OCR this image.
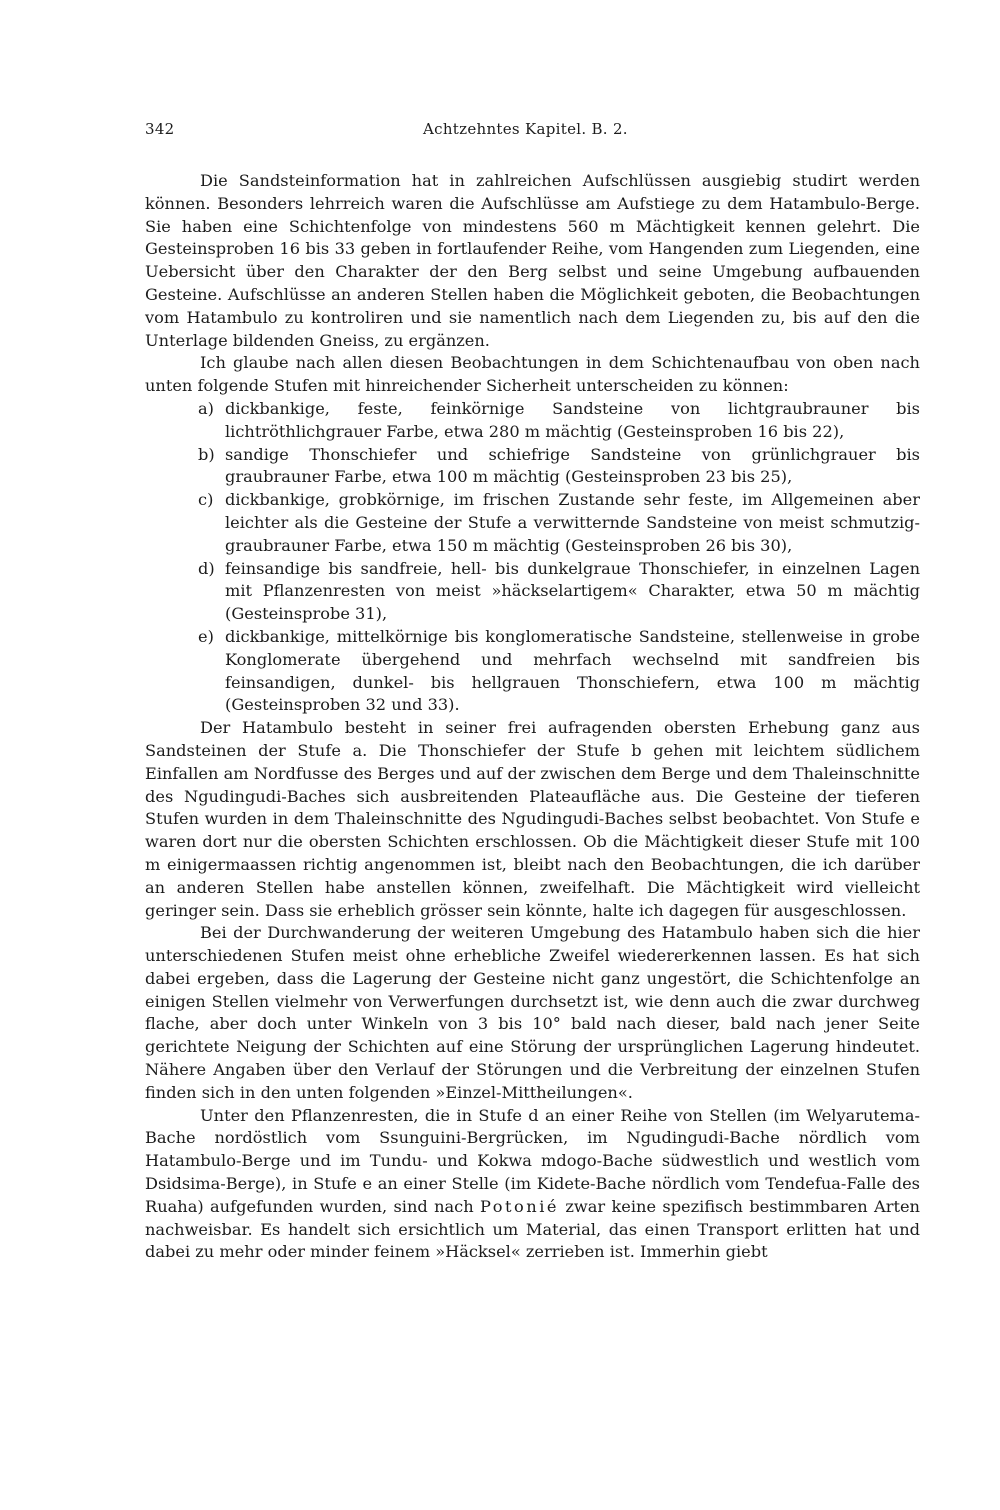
342	Achtzehntes Kapitel. B. 2.

Die Sandsteinformation hat in zahlreichen Aufschlüssen ausgiebig studirt werden können. Besonders lehrreich waren die Aufschlüsse am Aufstiege zu dem Hatambulo-Berge. Sie haben eine Schichtenfolge von mindestens 560 m Mächtigkeit kennen gelehrt. Die Gesteinsproben 16 bis 33 geben in fortlaufender Reihe, vom Hangenden zum Liegenden, eine Uebersicht über den Charakter der den Berg selbst und seine Umgebung aufbauenden Gesteine. Aufschlüsse an anderen Stellen haben die Möglichkeit geboten, die Beobachtungen vom Hatambulo zu kontroliren und sie namentlich nach dem Liegenden zu, bis auf den die Unterlage bildenden Gneiss, zu ergänzen.

Ich glaube nach allen diesen Beobachtungen in dem Schichtenaufbau von oben nach unten folgende Stufen mit hinreichender Sicherheit unterscheiden zu können:

a) dickbankige, feste, feinkörnige Sandsteine von lichtgraubrauner bis lichtröthlichgrauer Farbe, etwa 280 m mächtig (Gesteinsproben 16 bis 22),
b) sandige Thonschiefer und schiefrige Sandsteine von grünlichgrauer bis graubrauner Farbe, etwa 100 m mächtig (Gesteinsproben 23 bis 25),
c) dickbankige, grobkörnige, im frischen Zustande sehr feste, im Allgemeinen aber leichter als die Gesteine der Stufe a verwitternde Sandsteine von meist schmutzig-graubrauner Farbe, etwa 150 m mächtig (Gesteinsproben 26 bis 30),
d) feinsandige bis sandfreie, hell- bis dunkelgraue Thonschiefer, in einzelnen Lagen mit Pflanzenresten von meist »häckselartigem« Charakter, etwa 50 m mächtig (Gesteinsprobe 31),
e) dickbankige, mittelkörnige bis konglomeratische Sandsteine, stellenweise in grobe Konglomerate übergehend und mehrfach wechselnd mit sandfreien bis feinsandigen, dunkel- bis hellgrauen Thonschiefern, etwa 100 m mächtig (Gesteinsproben 32 und 33).

Der Hatambulo besteht in seiner frei aufragenden obersten Erhebung ganz aus Sandsteinen der Stufe a. Die Thonschiefer der Stufe b gehen mit leichtem südlichem Einfallen am Nordfusse des Berges und auf der zwischen dem Berge und dem Thaleinschnitte des Ngudingudi-Baches sich ausbreitenden Plateaufläche aus. Die Gesteine der tieferen Stufen wurden in dem Thaleinschnitte des Ngudingudi-Baches selbst beobachtet. Von Stufe e waren dort nur die obersten Schichten erschlossen. Ob die Mächtigkeit dieser Stufe mit 100 m einigermaassen richtig angenommen ist, bleibt nach den Beobachtungen, die ich darüber an anderen Stellen habe anstellen können, zweifelhaft. Die Mächtigkeit wird vielleicht geringer sein. Dass sie erheblich grösser sein könnte, halte ich dagegen für ausgeschlossen.

Bei der Durchwanderung der weiteren Umgebung des Hatambulo haben sich die hier unterschiedenen Stufen meist ohne erhebliche Zweifel wiedererkennen lassen. Es hat sich dabei ergeben, dass die Lagerung der Gesteine nicht ganz ungestört, die Schichtenfolge an einigen Stellen vielmehr von Verwerfungen durchsetzt ist, wie denn auch die zwar durchweg flache, aber doch unter Winkeln von 3 bis 10° bald nach dieser, bald nach jener Seite gerichtete Neigung der Schichten auf eine Störung der ursprünglichen Lagerung hindeutet. Nähere Angaben über den Verlauf der Störungen und die Verbreitung der einzelnen Stufen finden sich in den unten folgenden »Einzel-Mittheilungen«.

Unter den Pflanzenresten, die in Stufe d an einer Reihe von Stellen (im Welyarutema-Bache nordöstlich vom Ssunguini-Bergrücken, im Ngudingudi-Bache nördlich vom Hatambulo-Berge und im Tundu- und Kokwa mdogo-Bache südwestlich und westlich vom Dsidsima-Berge), in Stufe e an einer Stelle (im Kidete-Bache nördlich vom Tendefua-Falle des Ruaha) aufgefunden wurden, sind nach Potonié zwar keine spezifisch bestimmbaren Arten nachweisbar. Es handelt sich ersichtlich um Material, das einen Transport erlitten hat und dabei zu mehr oder minder feinem »Häcksel« zerrieben ist. Immerhin giebt
